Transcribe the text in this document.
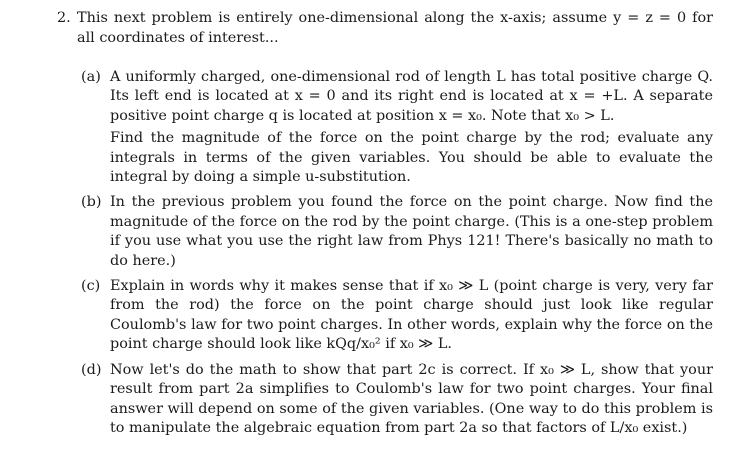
2. This next problem is entirely one-dimensional along the x-axis; assume y = z = 0 for all coordinates of interest...
(a) A uniformly charged, one-dimensional rod of length L has total positive charge Q. Its left end is located at x = 0 and its right end is located at x = +L. A separate positive point charge q is located at position x = x₀. Note that x₀ > L.

Find the magnitude of the force on the point charge by the rod; evaluate any integrals in terms of the given variables. You should be able to evaluate the integral by doing a simple u-substitution.

(b) In the previous problem you found the force on the point charge. Now find the magnitude of the force on the rod by the point charge. (This is a one-step problem if you use what you use the right law from Phys 121! There's basically no math to do here.)

(c) Explain in words why it makes sense that if x₀ ≫ L (point charge is very, very far from the rod) the force on the point charge should just look like regular Coulomb's law for two point charges. In other words, explain why the force on the point charge should look like kQq/x₀² if x₀ ≫ L.

(d) Now let's do the math to show that part 2c is correct. If x₀ ≫ L, show that your result from part 2a simplifies to Coulomb's law for two point charges. Your final answer will depend on some of the given variables. (One way to do this problem is to manipulate the algebraic equation from part 2a so that factors of L/x₀ exist.)
